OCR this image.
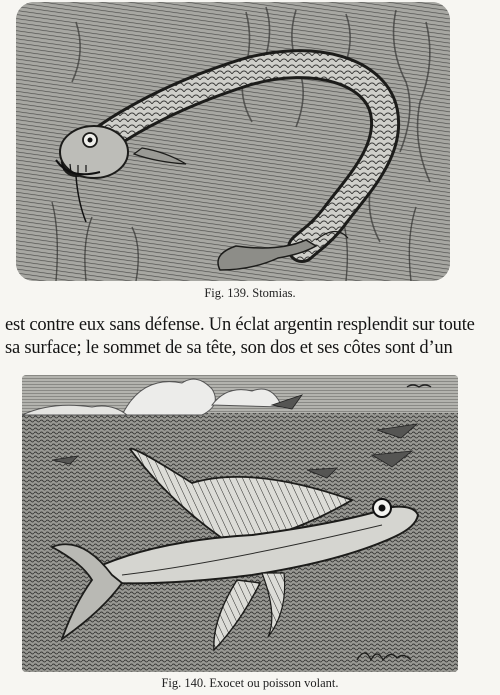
Fig. 139. Stomias.
est contre eux sans défense. Un éclat argentin resplendit sur toute
sa surface; le sommet de sa tête, son dos et ses côtes sont d’un
Fig. 140. Exocet ou poisson volant.
